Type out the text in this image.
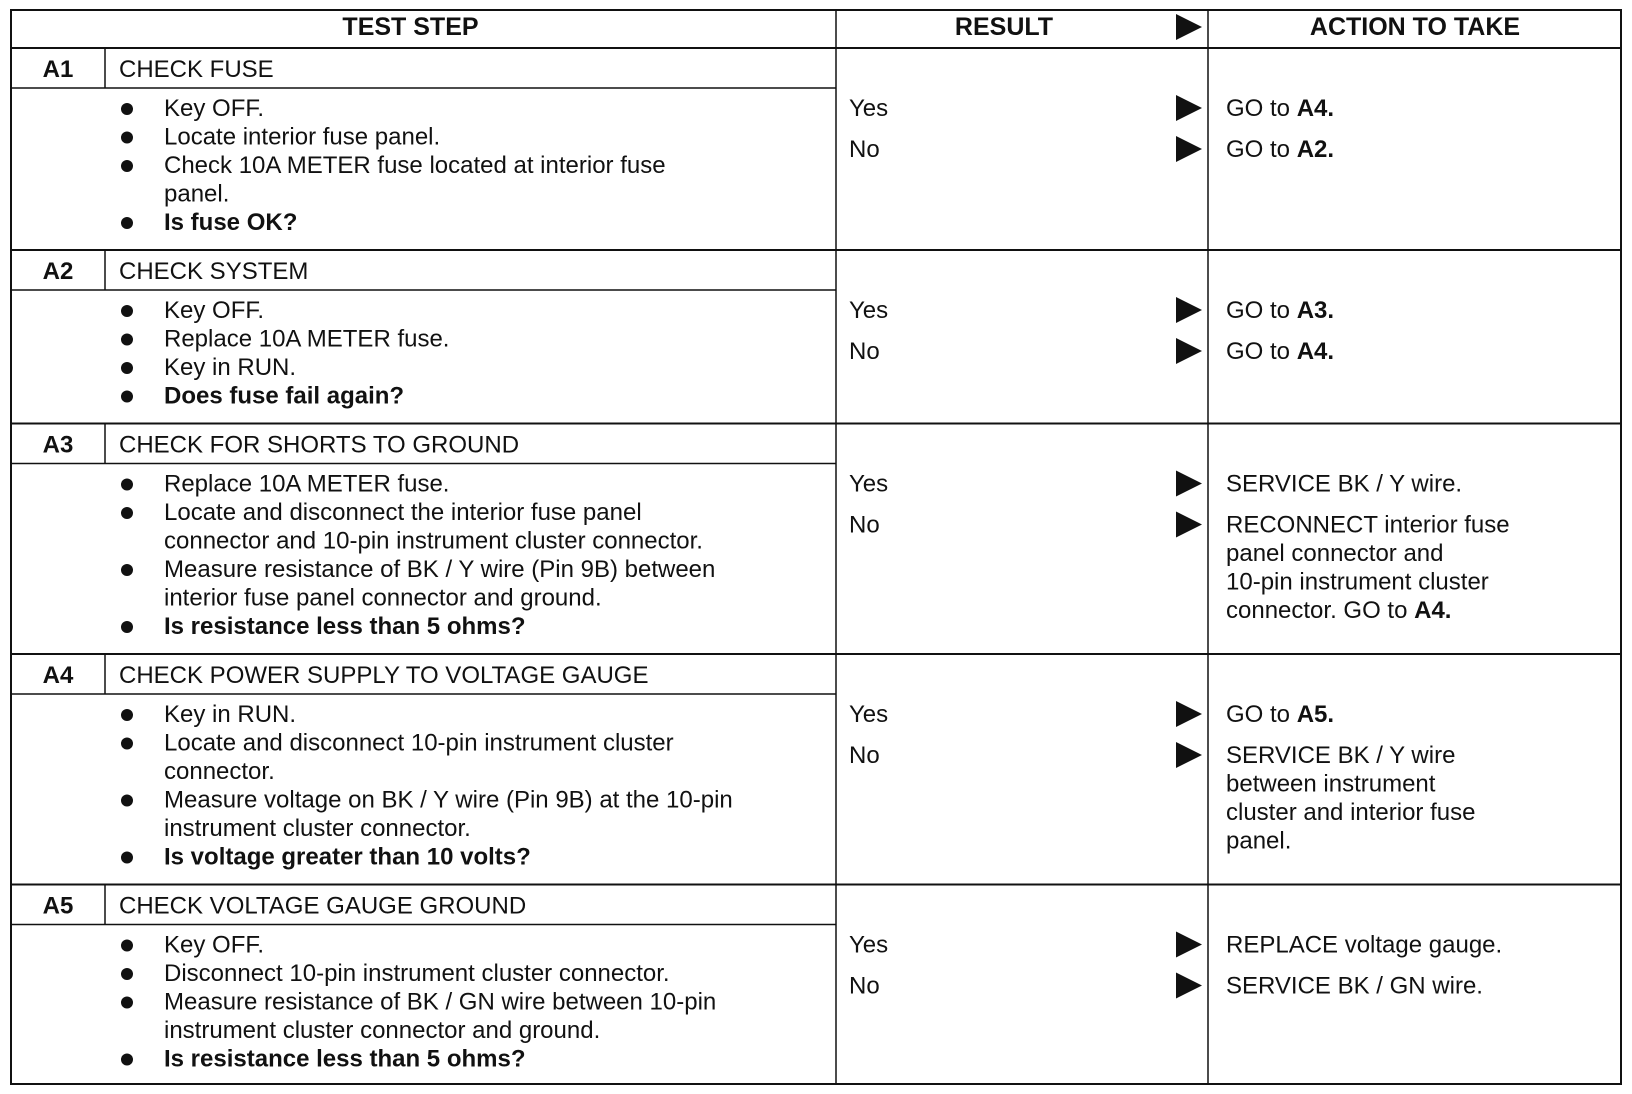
TEST STEP	RESULT	ACTION TO TAKE
A1 CHECK FUSE
Key OFF.
Locate interior fuse panel.
Check 10A METER fuse located at interior fuse
panel.
Is fuse OK?
Yes	GO to A4.
No	GO to A2.
A2 CHECK SYSTEM
Key OFF.
Replace 10A METER fuse.
Key in RUN.
Does fuse fail again?
Yes	GO to A3.
No	GO to A4.
A3 CHECK FOR SHORTS TO GROUND
Replace 10A METER fuse.
Locate and disconnect the interior fuse panel
connector and 10-pin instrument cluster connector.
Measure resistance of BK / Y wire (Pin 9B) between
interior fuse panel connector and ground.
Is resistance less than 5 ohms?
Yes	SERVICE BK / Y wire.
No	RECONNECT interior fuse
panel connector and
10-pin instrument cluster
connector. GO to A4.
A4 CHECK POWER SUPPLY TO VOLTAGE GAUGE
Key in RUN.
Locate and disconnect 10-pin instrument cluster
connector.
Measure voltage on BK / Y wire (Pin 9B) at the 10-pin
instrument cluster connector.
Is voltage greater than 10 volts?
Yes	GO to A5.
No	SERVICE BK / Y wire
between instrument
cluster and interior fuse
panel.
A5 CHECK VOLTAGE GAUGE GROUND
Key OFF.
Disconnect 10-pin instrument cluster connector.
Measure resistance of BK / GN wire between 10-pin
instrument cluster connector and ground.
Is resistance less than 5 ohms?
Yes	REPLACE voltage gauge.
No	SERVICE BK / GN wire.
